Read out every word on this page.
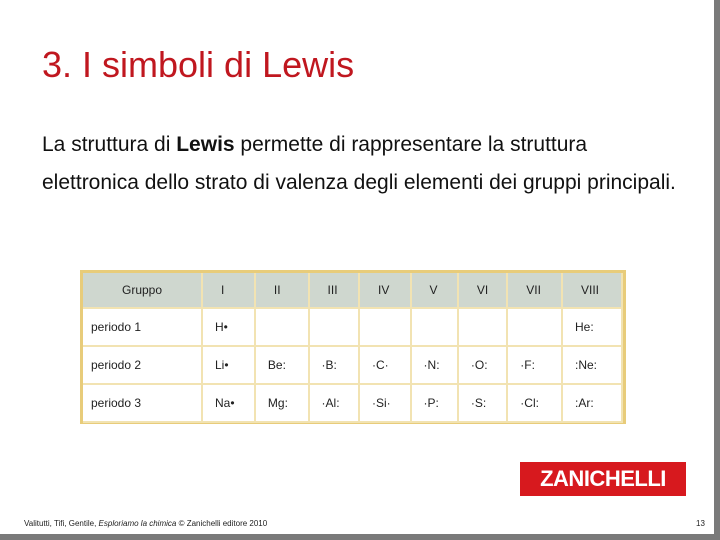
3. I simboli di Lewis
La struttura di Lewis permette di rappresentare la struttura elettronica dello strato di valenza degli elementi dei gruppi principali.
Gruppo	I	II	III	IV	V	VI	VII	VIII
periodo 1	H•							He:
periodo 2	Li•	Be:	·B:	·C·	·N:	·O:	·F:	:Ne:
periodo 3	Na•	Mg:	·Al:	·Si·	·P:	·S:	·Cl:	:Ar:
ZANICHELLI
Valitutti, Tifi, Gentile, Esploriamo la chimica © Zanichelli editore 2010	13
